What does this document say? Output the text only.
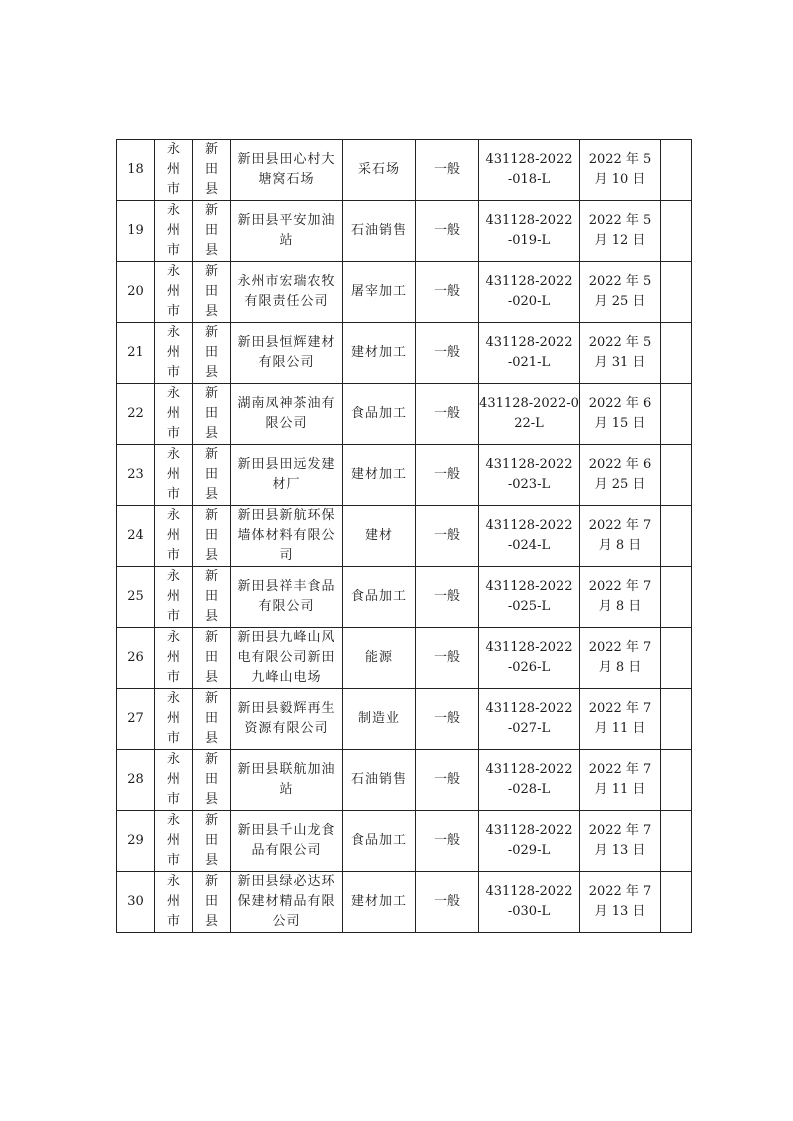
18	永州市	新田县	新田县田心村大
塘窝石场	采石场	一般	431128-2022
-018-L	2022 年 5
月 10 日	
19	永州市	新田县	新田县平安加油
站	石油销售	一般	431128-2022
-019-L	2022 年 5
月 12 日	
20	永州市	新田县	永州市宏瑞农牧
有限责任公司	屠宰加工	一般	431128-2022
-020-L	2022 年 5
月 25 日	
21	永州市	新田县	新田县恒辉建材
有限公司	建材加工	一般	431128-2022
-021-L	2022 年 5
月 31 日	
22	永州市	新田县	湖南凤神茶油有
限公司	食品加工	一般	431128-2022-0
22-L	2022 年 6
月 15 日	
23	永州市	新田县	新田县田远发建
材厂	建材加工	一般	431128-2022
-023-L	2022 年 6
月 25 日	
24	永州市	新田县	新田县新航环保
墙体材料有限公
司	建材	一般	431128-2022
-024-L	2022 年 7
月 8 日	
25	永州市	新田县	新田县祥丰食品
有限公司	食品加工	一般	431128-2022
-025-L	2022 年 7
月 8 日	
26	永州市	新田县	新田县九峰山风
电有限公司新田
九峰山电场	能源	一般	431128-2022
-026-L	2022 年 7
月 8 日	
27	永州市	新田县	新田县毅辉再生
资源有限公司	制造业	一般	431128-2022
-027-L	2022 年 7
月 11 日	
28	永州市	新田县	新田县联航加油
站	石油销售	一般	431128-2022
-028-L	2022 年 7
月 11 日	
29	永州市	新田县	新田县千山龙食
品有限公司	食品加工	一般	431128-2022
-029-L	2022 年 7
月 13 日	
30	永州市	新田县	新田县绿必达环
保建材精品有限
公司	建材加工	一般	431128-2022
-030-L	2022 年 7
月 13 日	
